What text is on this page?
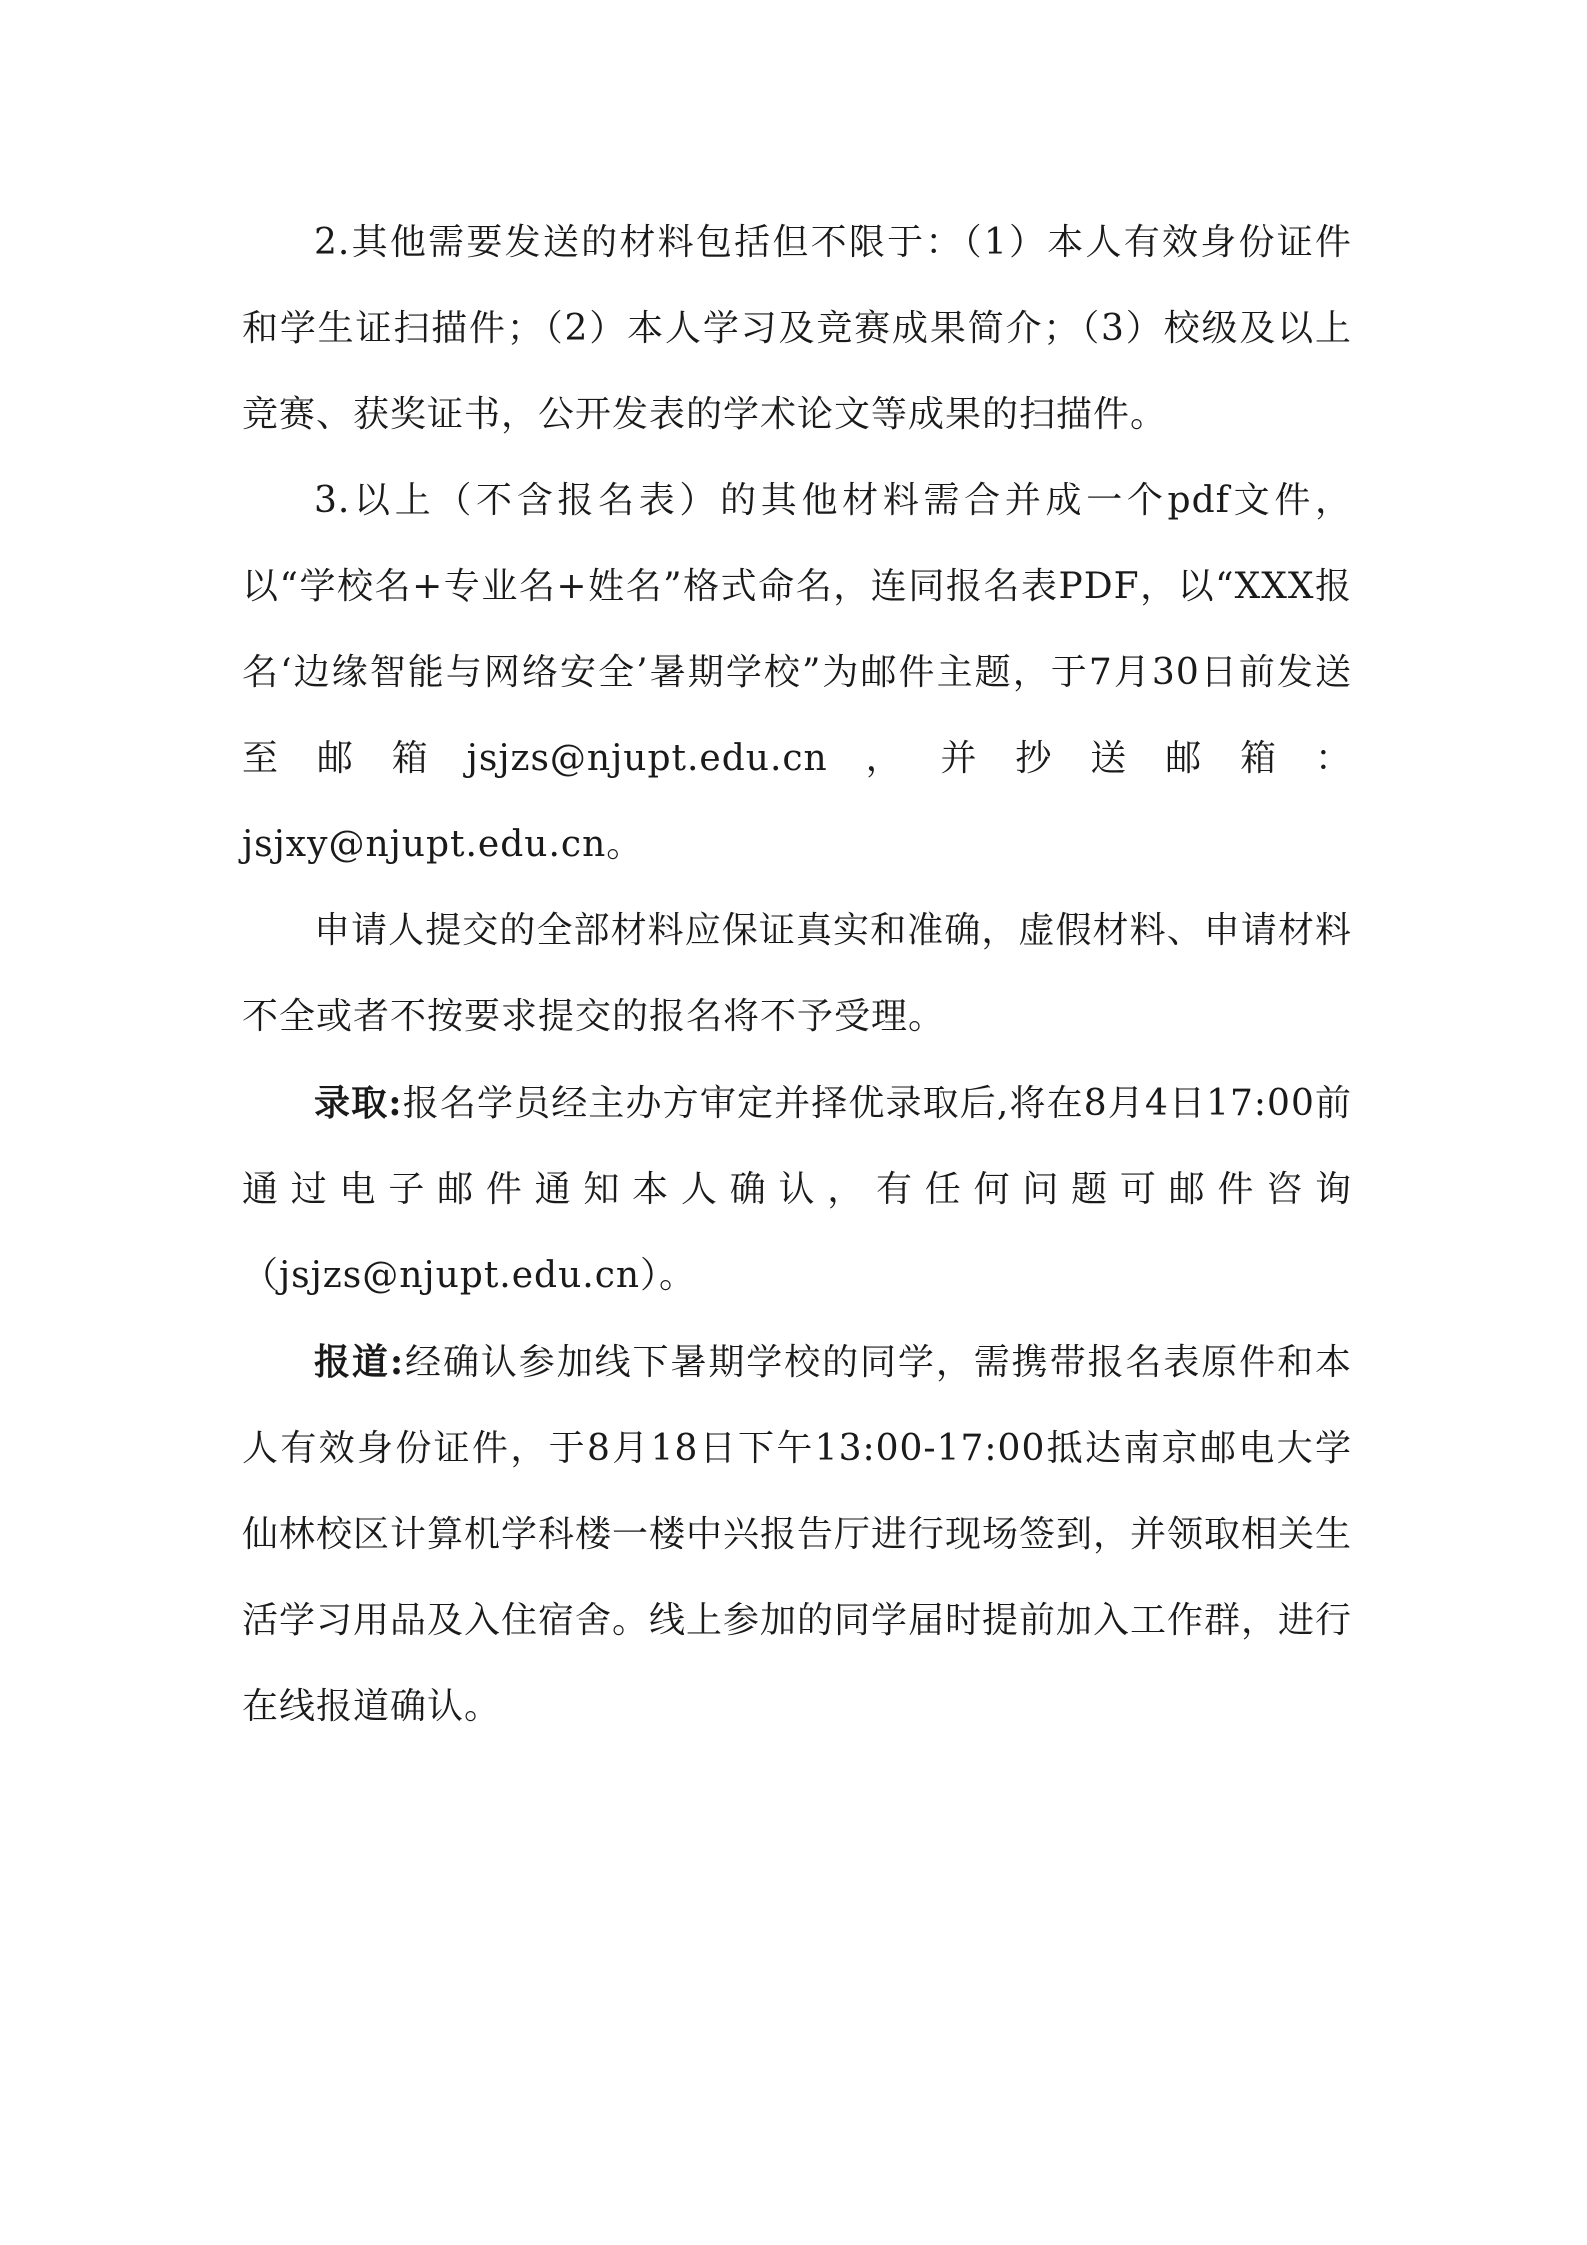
2.其他需要发送的材料包括但不限于：（1）本人有效身份证件和学生证扫描件；（2）本人学习及竞赛成果简介；（3）校级及以上竞赛、获奖证书，公开发表的学术论文等成果的扫描件。

3.以上（不含报名表）的其他材料需合并成一个pdf文件，以“学校名+专业名+姓名”格式命名，连同报名表PDF，以“XXX报名‘边缘智能与网络安全’暑期学校”为邮件主题，于7月30日前发送至邮箱jsjzs@njupt.edu.cn，并抄送邮箱：jsjxy@njupt.edu.cn。

申请人提交的全部材料应保证真实和准确，虚假材料、申请材料不全或者不按要求提交的报名将不予受理。

录取:报名学员经主办方审定并择优录取后,将在8月4日17:00前通过电子邮件通知本人确认，有任何问题可邮件咨询（jsjzs@njupt.edu.cn）。

报道:经确认参加线下暑期学校的同学，需携带报名表原件和本人有效身份证件，于8月18日下午13:00-17:00抵达南京邮电大学仙林校区计算机学科楼一楼中兴报告厅进行现场签到，并领取相关生活学习用品及入住宿舍。线上参加的同学届时提前加入工作群，进行在线报道确认。
